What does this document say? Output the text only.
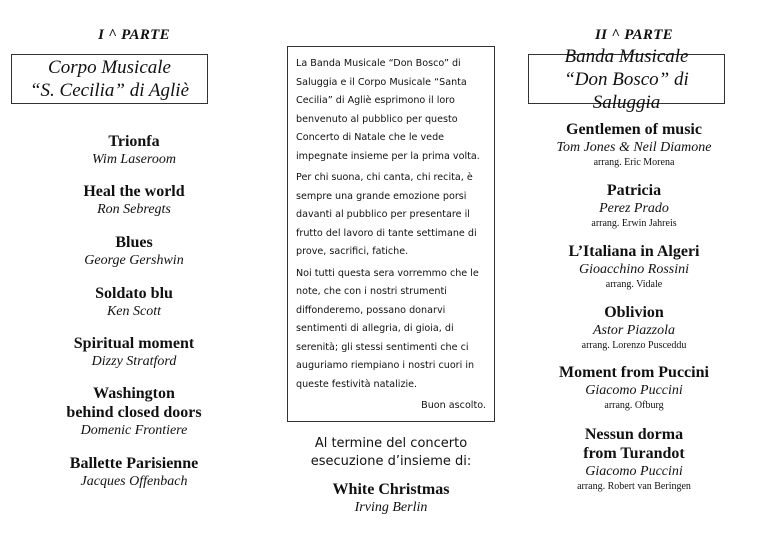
I ^ PARTE
Corpo Musicale
“S. Cecilia” di Agliè
Trionfa
Wim Laseroom
Heal the world
Ron Sebregts
Blues
George Gershwin
Soldato blu
Ken Scott
Spiritual moment
Dizzy Stratford
Washington
behind closed doors
Domenic Frontiere
Ballette Parisienne
Jacques Offenbach

La Banda Musicale “Don Bosco” di
Saluggia e il Corpo Musicale “Santa
Cecilia” di Agliè esprimono il loro
benvenuto al pubblico per questo
Concerto di Natale che le vede
impegnate insieme per la prima volta.

Per chi suona, chi canta, chi recita, è
sempre una grande emozione porsi
davanti al pubblico per presentare il
frutto del lavoro di tante settimane di
prove, sacrifici, fatiche.

Noi tutti questa sera vorremmo che le
note, che con i nostri strumenti
diffonderemo, possano donarvi
sentimenti di allegria, di gioia, di
serenità; gli stessi sentimenti che ci
auguriamo riempiano i nostri cuori in
queste festività natalizie.

Buon ascolto.
Al termine del concerto
esecuzione d’insieme di:
White Christmas
Irving Berlin
II ^ PARTE
Banda Musicale
“Don Bosco” di Saluggia
Gentlemen of music
Tom Jones & Neil Diamone
arrang. Eric Morena
Patricia
Perez Prado
arrang. Erwin Jahreis
L’Italiana in Algeri
Gioacchino Rossini
arrang. Vidale
Oblivion
Astor Piazzola
arrang. Lorenzo Pusceddu
Moment from Puccini
Giacomo Puccini
arrang. Ofburg
Nessun dorma
from Turandot
Giacomo Puccini
arrang. Robert van Beringen
